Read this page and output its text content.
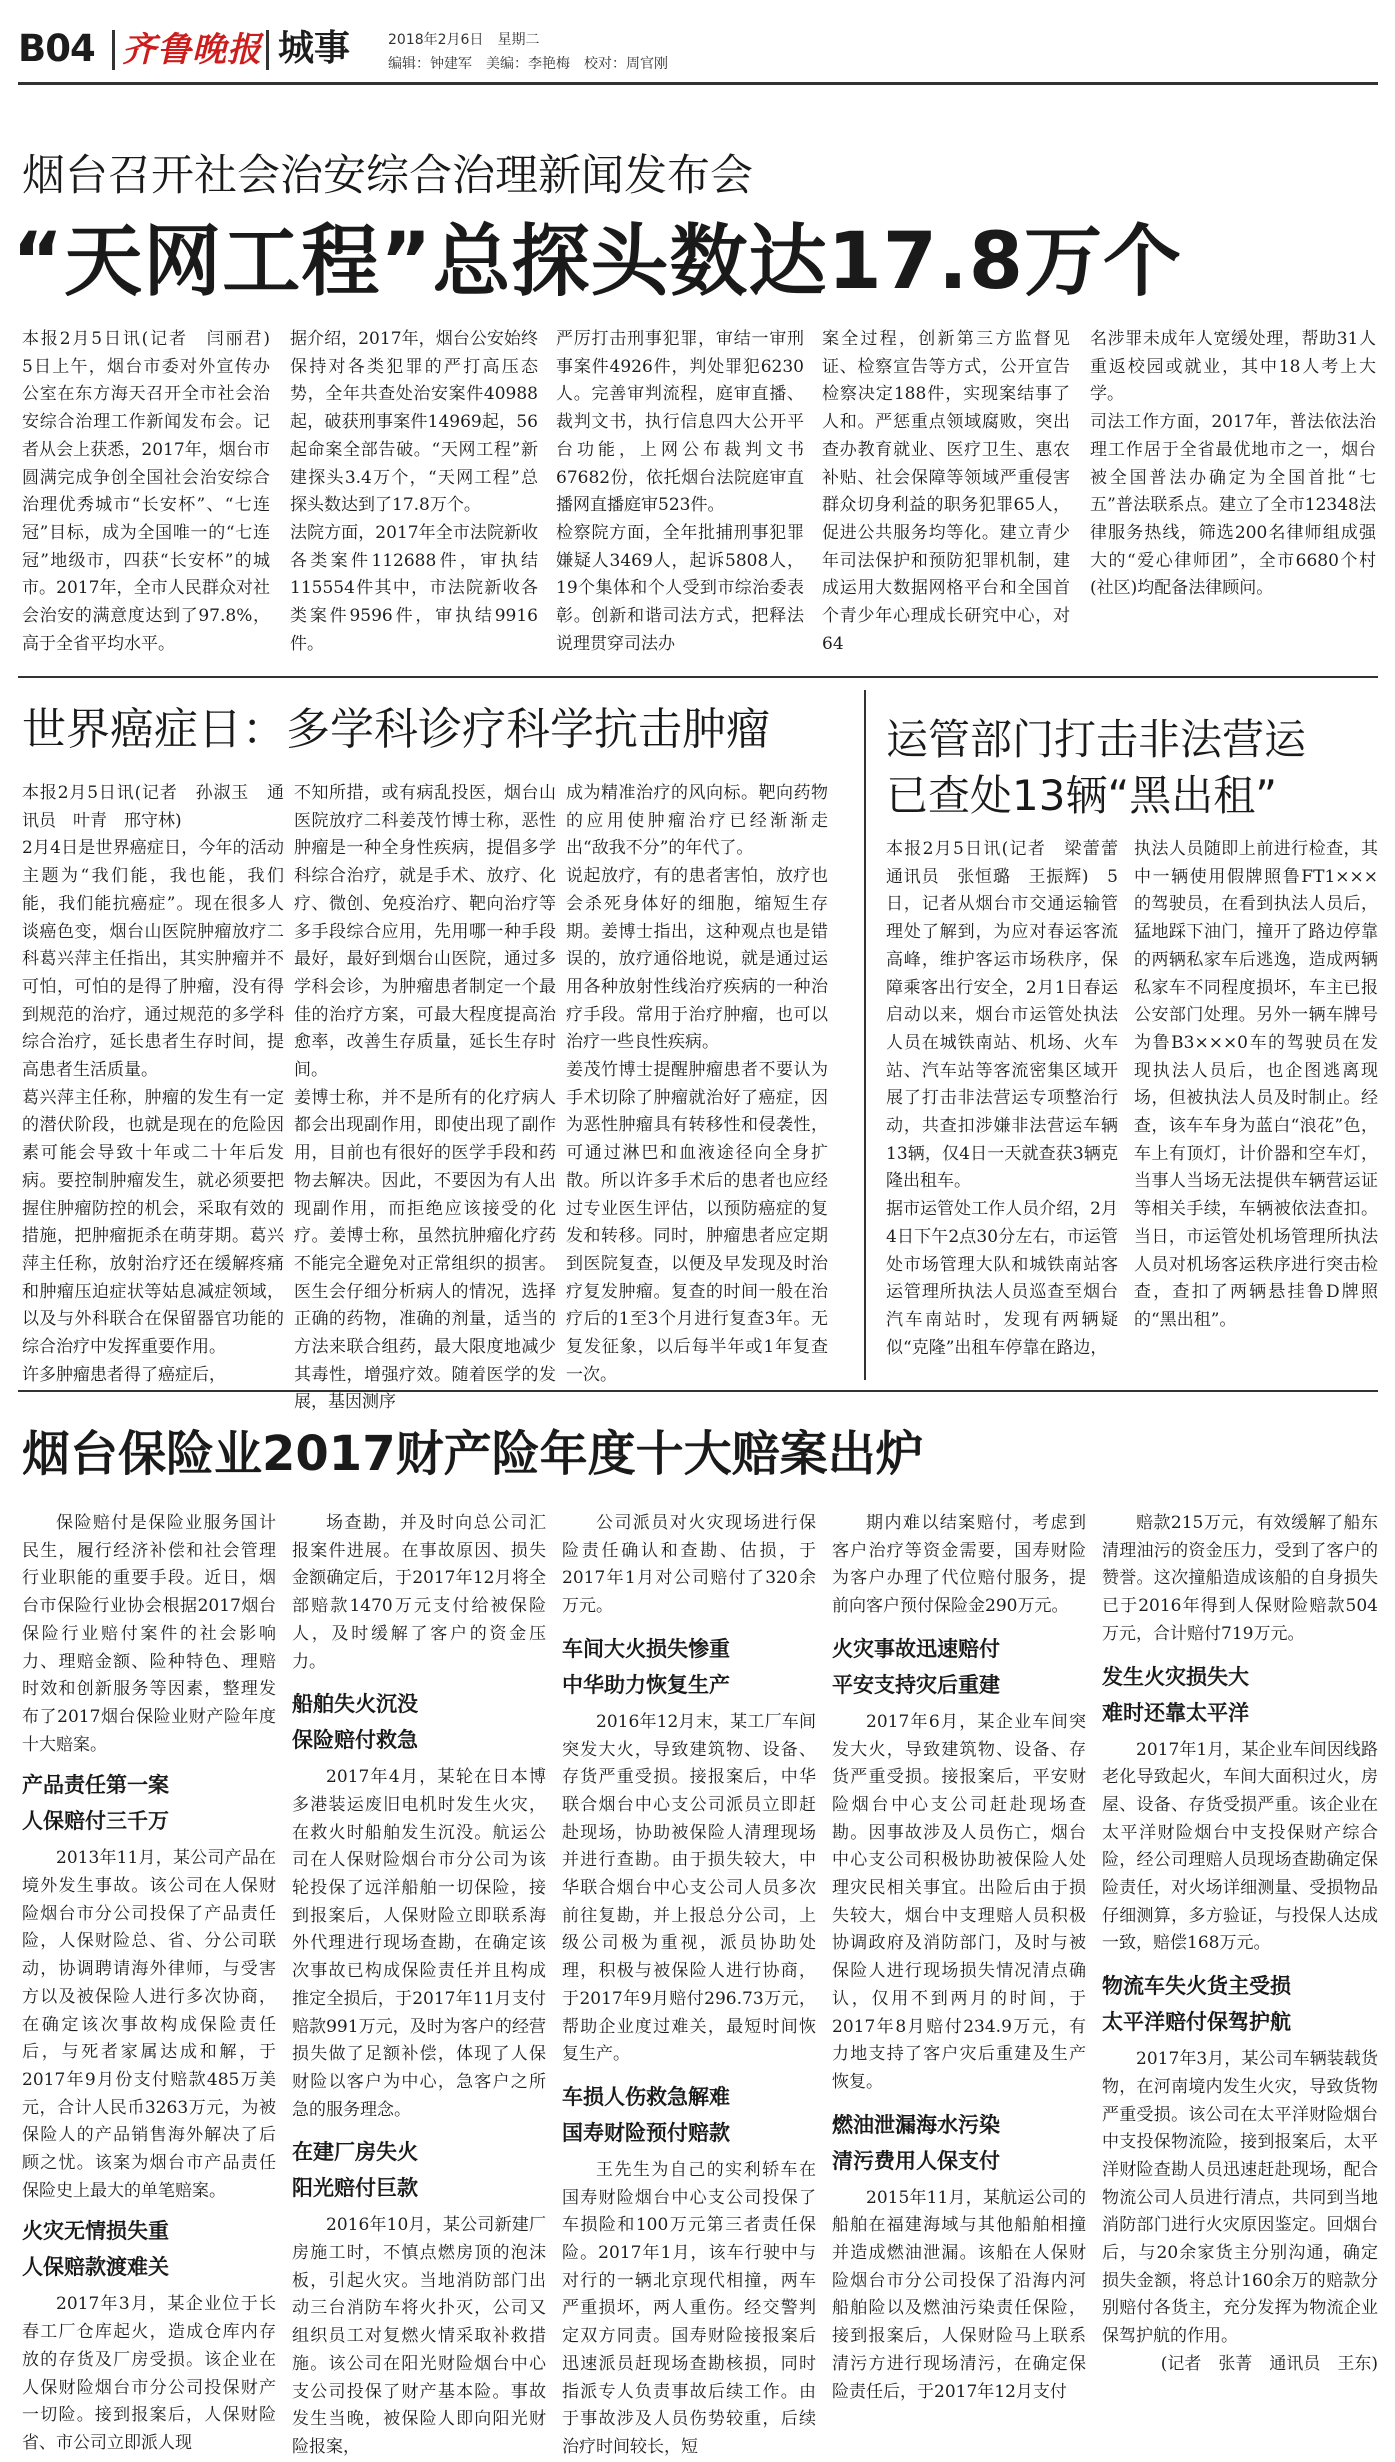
B04 齐鲁晚报 城事	2018年2月6日　 星期二
编辑：钟建军　美编：李艳梅　校对：周官刚
烟台召开社会治安综合治理新闻发布会
“天网工程”总探头数达17.8万个
本报2月5日讯(记者　闫丽君)　5日上午，烟台市委对外宣传办公室在东方海天召开全市社会治安综合治理工作新闻发布会。记者从会上获悉，2017年，烟台市圆满完成争创全国社会治安综合治理优秀城市“长安杯”、“七连冠”目标，成为全国唯一的“七连冠”地级市，四获“长安杯”的城市。2017年，全市人民群众对社会治安的满意度达到了97.8%，高于全省平均水平。
据介绍，2017年，烟台公安始终保持对各类犯罪的严打高压态势，全年共查处治安案件40988起，破获刑事案件14969起，56起命案全部告破。“天网工程”新建探头3.4万个，“天网工程”总探头数达到了17.8万个。
法院方面，2017年全市法院新收各类案件112688件，审执结115554件其中，市法院新收各类案件9596件，审执结9916件。
严厉打击刑事犯罪，审结一审刑事案件4926件，判处罪犯6230人。完善审判流程，庭审直播、裁判文书，执行信息四大公开平台功能，上网公布裁判文书67682份，依托烟台法院庭审直播网直播庭审523件。
检察院方面，全年批捕刑事犯罪嫌疑人3469人，起诉5808人，19个集体和个人受到市综治委表彰。创新和谐司法方式，把释法说理贯穿司法办
案全过程，创新第三方监督见证、检察宣告等方式，公开宣告检察决定188件，实现案结事了人和。严惩重点领域腐败，突出查办教育就业、医疗卫生、惠农补贴、社会保障等领域严重侵害群众切身利益的职务犯罪65人，促进公共服务均等化。建立青少年司法保护和预防犯罪机制，建成运用大数据网格平台和全国首个青少年心理成长研究中心，对64
名涉罪未成年人宽缓处理，帮助31人重返校园或就业，其中18人考上大学。
司法工作方面，2017年，普法依法治理工作居于全省最优地市之一，烟台被全国普法办确定为全国首批“七五”普法联系点。建立了全市12348法律服务热线，筛选200名律师组成强大的“爱心律师团”，全市6680个村(社区)均配备法律顾问。
世界癌症日：多学科诊疗科学抗击肿瘤
本报2月5日讯(记者　孙淑玉　通讯员　叶青　邢守林)
2月4日是世界癌症日，今年的活动主题为“我们能，我也能，我们能，我们能抗癌症”。现在很多人谈癌色变，烟台山医院肿瘤放疗二科葛兴萍主任指出，其实肿瘤并不可怕，可怕的是得了肿瘤，没有得到规范的治疗，通过规范的多学科综合治疗，延长患者生存时间，提高患者生活质量。
葛兴萍主任称，肿瘤的发生有一定的潜伏阶段，也就是现在的危险因素可能会导致十年或二十年后发病。要控制肿瘤发生，就必须要把握住肿瘤防控的机会，采取有效的措施，把肿瘤扼杀在萌芽期。葛兴萍主任称，放射治疗还在缓解疼痛和肿瘤压迫症状等姑息减症领域，以及与外科联合在保留器官功能的综合治疗中发挥重要作用。
许多肿瘤患者得了癌症后，
不知所措，或有病乱投医，烟台山医院放疗二科姜茂竹博士称，恶性肿瘤是一种全身性疾病，提倡多学科综合治疗，就是手术、放疗、化疗、微创、免疫治疗、靶向治疗等多手段综合应用，先用哪一种手段最好，最好到烟台山医院，通过多学科会诊，为肿瘤患者制定一个最佳的治疗方案，可最大程度提高治愈率，改善生存质量，延长生存时间。
姜博士称，并不是所有的化疗病人都会出现副作用，即使出现了副作用，目前也有很好的医学手段和药物去解决。因此，不要因为有人出现副作用，而拒绝应该接受的化疗。姜博士称，虽然抗肿瘤化疗药不能完全避免对正常组织的损害。医生会仔细分析病人的情况，选择正确的药物，准确的剂量，适当的方法来联合组药，最大限度地减少其毒性，增强疗效。随着医学的发展，基因测序
成为精准治疗的风向标。靶向药物的应用使肿瘤治疗已经渐渐走出“敌我不分”的年代了。
说起放疗，有的患者害怕，放疗也会杀死身体好的细胞，缩短生存期。姜博士指出，这种观点也是错误的，放疗通俗地说，就是通过运用各种放射性线治疗疾病的一种治疗手段。常用于治疗肿瘤，也可以治疗一些良性疾病。
姜茂竹博士提醒肿瘤患者不要认为手术切除了肿瘤就治好了癌症，因为恶性肿瘤具有转移性和侵袭性，可通过淋巴和血液途径向全身扩散。所以许多手术后的患者也应经过专业医生评估，以预防癌症的复发和转移。同时，肿瘤患者应定期到医院复查，以便及早发现及时治疗复发肿瘤。复查的时间一般在治疗后的1至3个月进行复查3年。无复发征象，以后每半年或1年复查一次。
运管部门打击非法营运
已查处13辆“黑出租”
本报2月5日讯(记者　梁蕾蕾　通讯员　张恒璐　王振辉)　5日，记者从烟台市交通运输管理处了解到，为应对春运客流高峰，维护客运市场秩序，保障乘客出行安全，2月1日春运启动以来，烟台市运管处执法人员在城铁南站、机场、火车站、汽车站等客流密集区域开展了打击非法营运专项整治行动，共查扣涉嫌非法营运车辆13辆，仅4日一天就查获3辆克隆出租车。
据市运管处工作人员介绍，2月4日下午2点30分左右，市运管处市场管理大队和城铁南站客运管理所执法人员巡查至烟台汽车南站时，发现有两辆疑似“克隆”出租车停靠在路边，
执法人员随即上前进行检查，其中一辆使用假牌照鲁FT1×××的驾驶员，在看到执法人员后，猛地踩下油门，撞开了路边停靠的两辆私家车后逃逸，造成两辆私家车不同程度损坏，车主已报公安部门处理。另外一辆车牌号为鲁B3×××0车的驾驶员在发现执法人员后，也企图逃离现场，但被执法人员及时制止。经查，该车车身为蓝白“浪花”色，车上有顶灯，计价器和空车灯，当事人当场无法提供车辆营运证等相关手续，车辆被依法查扣。当日，市运管处机场管理所执法人员对机场客运秩序进行突击检查，查扣了两辆悬挂鲁D牌照的“黑出租”。
烟台保险业2017财产险年度十大赔案出炉
保险赔付是保险业服务国计民生，履行经济补偿和社会管理行业职能的重要手段。近日，烟台市保险行业协会根据2017烟台保险行业赔付案件的社会影响力、理赔金额、险种特色、理赔时效和创新服务等因素，整理发布了2017烟台保险业财产险年度十大赔案。
产品责任第一案
人保赔付三千万
2013年11月，某公司产品在境外发生事故。该公司在人保财险烟台市分公司投保了产品责任险，人保财险总、省、分公司联动，协调聘请海外律师，与受害方以及被保险人进行多次协商，在确定该次事故构成保险责任后，与死者家属达成和解，于2017年9月份支付赔款485万美元，合计人民币3263万元，为被保险人的产品销售海外解决了后顾之忧。该案为烟台市产品责任保险史上最大的单笔赔案。
火灾无情损失重
人保赔款渡难关
2017年3月，某企业位于长春工厂仓库起火，造成仓库内存放的存货及厂房受损。该企业在人保财险烟台市分公司投保财产一切险。接到报案后，人保财险省、市公司立即派人现
场查勘，并及时向总公司汇报案件进展。在事故原因、损失金额确定后，于2017年12月将全部赔款1470万元支付给被保险人，及时缓解了客户的资金压力。
船舶失火沉没
保险赔付救急
2017年4月，某轮在日本博多港装运废旧电机时发生火灾，在救火时船舶发生沉没。航运公司在人保财险烟台市分公司为该轮投保了远洋船舶一切保险，接到报案后，人保财险立即联系海外代理进行现场查勘，在确定该次事故已构成保险责任并且构成推定全损后，于2017年11月支付赔款991万元，及时为客户的经营损失做了足额补偿，体现了人保财险以客户为中心，急客户之所急的服务理念。
在建厂房失火
阳光赔付巨款
2016年10月，某公司新建厂房施工时，不慎点燃房顶的泡沫板，引起火灾。当地消防部门出动三台消防车将火扑灭，公司又组织员工对复燃火情采取补救措施。该公司在阳光财险烟台中心支公司投保了财产基本险。事故发生当晚，被保险人即向阳光财险报案，
公司派员对火灾现场进行保险责任确认和查勘、估损，于2017年1月对公司赔付了320余万元。
车间大火损失惨重
中华助力恢复生产
2016年12月末，某工厂车间突发大火，导致建筑物、设备、存货严重受损。接报案后，中华联合烟台中心支公司派员立即赶赴现场，协助被保险人清理现场并进行查勘。由于损失较大，中华联合烟台中心支公司人员多次前往复勘，并上报总分公司，上级公司极为重视，派员协助处理，积极与被保险人进行协商，于2017年9月赔付296.73万元，帮助企业度过难关，最短时间恢复生产。
车损人伤救急解难
国寿财险预付赔款
王先生为自己的实利轿车在国寿财险烟台中心支公司投保了车损险和100万元第三者责任保险。2017年1月，该车行驶中与对行的一辆北京现代相撞，两车严重损坏，两人重伤。经交警判定双方同责。国寿财险接报案后迅速派员赶现场查勘核损，同时指派专人负责事故后续工作。由于事故涉及人员伤势较重，后续治疗时间较长，短
期内难以结案赔付，考虑到客户治疗等资金需要，国寿财险为客户办理了代位赔付服务，提前向客户预付保险金290万元。
火灾事故迅速赔付
平安支持灾后重建
2017年6月，某企业车间突发大火，导致建筑物、设备、存货严重受损。接报案后，平安财险烟台中心支公司赶赴现场查勘。因事故涉及人员伤亡，烟台中心支公司积极协助被保险人处理灾民相关事宜。出险后由于损失较大，烟台中支理赔人员积极协调政府及消防部门，及时与被保险人进行现场损失情况清点确认，仅用不到两月的时间，于2017年8月赔付234.9万元，有力地支持了客户灾后重建及生产恢复。
燃油泄漏海水污染
清污费用人保支付
2015年11月，某航运公司的船舶在福建海域与其他船舶相撞并造成燃油泄漏。该船在人保财险烟台市分公司投保了沿海内河船舶险以及燃油污染责任保险，接到报案后，人保财险马上联系清污方进行现场清污，在确定保险责任后，于2017年12月支付
赔款215万元，有效缓解了船东清理油污的资金压力，受到了客户的赞誉。这次撞船造成该船的自身损失已于2016年得到人保财险赔款504万元，合计赔付719万元。
发生火灾损失大
难时还靠太平洋
2017年1月，某企业车间因线路老化导致起火，车间大面积过火，房屋、设备、存货受损严重。该企业在太平洋财险烟台中支投保财产综合险，经公司理赔人员现场查勘确定保险责任，对火场详细测量、受损物品仔细测算，多方验证，与投保人达成一致，赔偿168万元。
物流车失火货主受损
太平洋赔付保驾护航
2017年3月，某公司车辆装载货物，在河南境内发生火灾，导致货物严重受损。该公司在太平洋财险烟台中支投保物流险，接到报案后，太平洋财险查勘人员迅速赶赴现场，配合物流公司人员进行清点，共同到当地消防部门进行火灾原因鉴定。回烟台后，与20余家货主分别沟通，确定损失金额，将总计160余万的赔款分别赔付各货主，充分发挥为物流企业保驾护航的作用。
(记者　张菁　通讯员　王东)
